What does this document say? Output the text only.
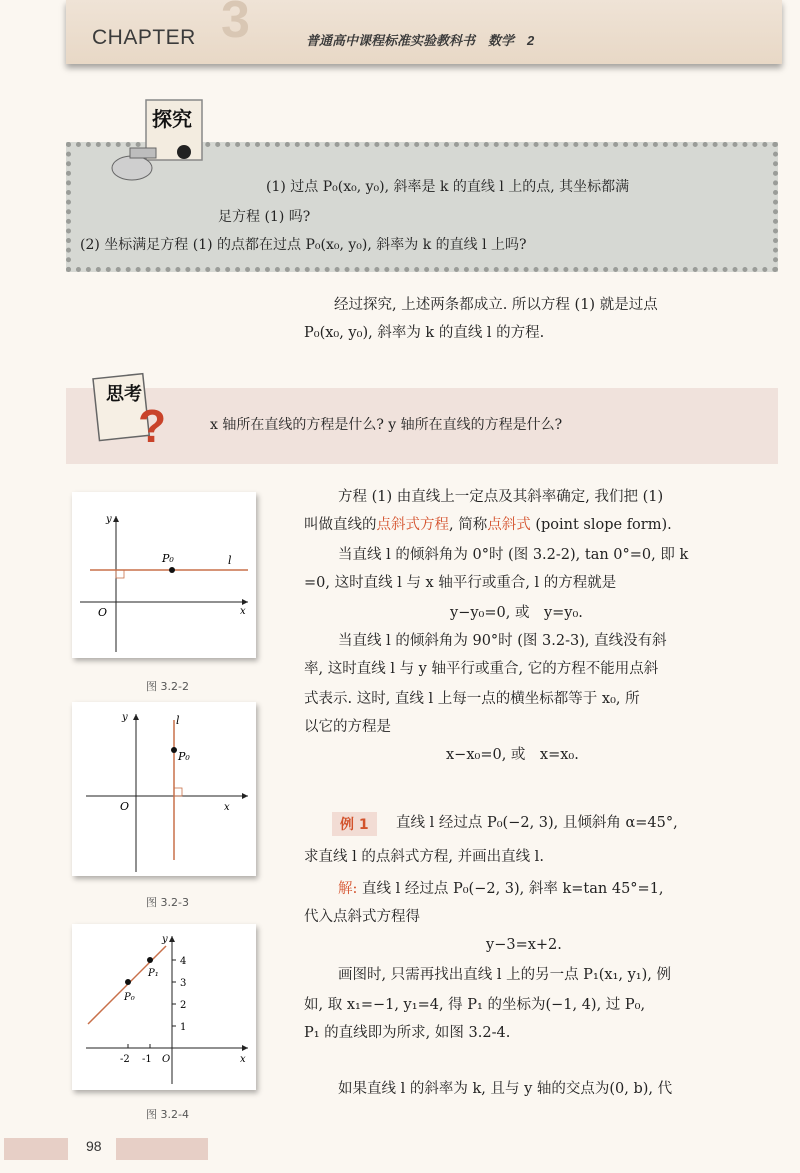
3
CHAPTER	普通高中课程标准实验教科书　数学　2
探究
(1) 过点 P₀(x₀, y₀), 斜率是 k 的直线 l 上的点, 其坐标都满
足方程 (1) 吗?
(2) 坐标满足方程 (1) 的点都在过点 P₀(x₀, y₀), 斜率为 k 的直线 l 上吗?
经过探究, 上述两条都成立. 所以方程 (1) 就是过点
P₀(x₀, y₀), 斜率为 k 的直线 l 的方程.
思考
?	x 轴所在直线的方程是什么? y 轴所在直线的方程是什么?
方程 (1) 由直线上一定点及其斜率确定, 我们把 (1)
叫做直线的点斜式方程, 简称点斜式 (point slope form).
当直线 l 的倾斜角为 0°时 (图 3.2-2), tan 0°=0, 即 k
=0, 这时直线 l 与 x 轴平行或重合, l 的方程就是
y−y₀=0, 或　y=y₀.
当直线 l 的倾斜角为 90°时 (图 3.2-3), 直线没有斜
率, 这时直线 l 与 y 轴平行或重合, 它的方程不能用点斜
式表示. 这时, 直线 l 上每一点的横坐标都等于 x₀, 所
以它的方程是
x−x₀=0, 或　x=x₀.
例 1	直线 l 经过点 P₀(−2, 3), 且倾斜角 α=45°,
求直线 l 的点斜式方程, 并画出直线 l.
解: 直线 l 经过点 P₀(−2, 3), 斜率 k=tan 45°=1,
代入点斜式方程得
y−3=x+2.
画图时, 只需再找出直线 l 上的另一点 P₁(x₁, y₁), 例
如, 取 x₁=−1, y₁=4, 得 P₁ 的坐标为(−1, 4), 过 P₀,
P₁ 的直线即为所求, 如图 3.2-4.
如果直线 l 的斜率为 k, 且与 y 轴的交点为(0, b), 代
P₀	l
x
y
O
图 3.2-2
P₀
l
x
y
O
图 3.2-3
P₀
P₁
-2 -1 O
1
2
3
4
x
y
图 3.2-4
98
